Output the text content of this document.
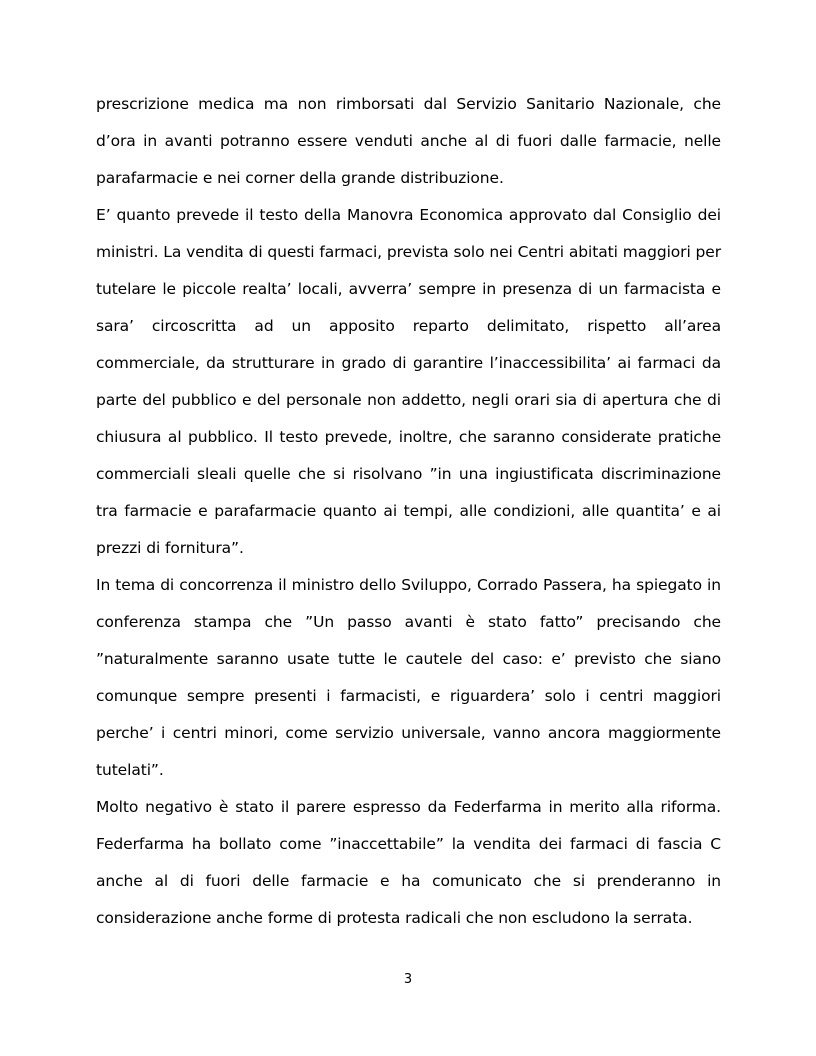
prescrizione medica ma non rimborsati dal Servizio Sanitario Nazionale, che d’ora in avanti potranno essere venduti anche al di fuori dalle farmacie, nelle parafarmacie e nei corner della grande distribuzione.

E’ quanto prevede il testo della Manovra Economica approvato dal Consiglio dei ministri. La vendita di questi farmaci, prevista solo nei Centri abitati maggiori per tutelare le piccole realta’ locali, avverra’ sempre in presenza di un farmacista e sara’ circoscritta ad un apposito reparto delimitato, rispetto all’area commerciale, da strutturare in grado di garantire l’inaccessibilita’ ai farmaci da parte del pubblico e del personale non addetto, negli orari sia di apertura che di chiusura al pubblico. Il testo prevede, inoltre, che saranno considerate pratiche commerciali sleali quelle che si risolvano ”in una ingiustificata discriminazione tra farmacie e parafarmacie quanto ai tempi, alle condizioni, alle quantita’ e ai prezzi di fornitura”.

In tema di concorrenza il ministro dello Sviluppo, Corrado Passera, ha spiegato in conferenza stampa che ”Un passo avanti è stato fatto” precisando che ”naturalmente saranno usate tutte le cautele del caso: e’ previsto che siano comunque sempre presenti i farmacisti, e riguardera’ solo i centri maggiori perche’ i centri minori, come servizio universale, vanno ancora maggiormente tutelati”.

Molto negativo è stato il parere espresso da Federfarma in merito alla riforma. Federfarma ha bollato come ”inaccettabile” la vendita dei farmaci di fascia C anche al di fuori delle farmacie e ha comunicato che si prenderanno in considerazione anche forme di protesta radicali che non escludono la serrata.

3
